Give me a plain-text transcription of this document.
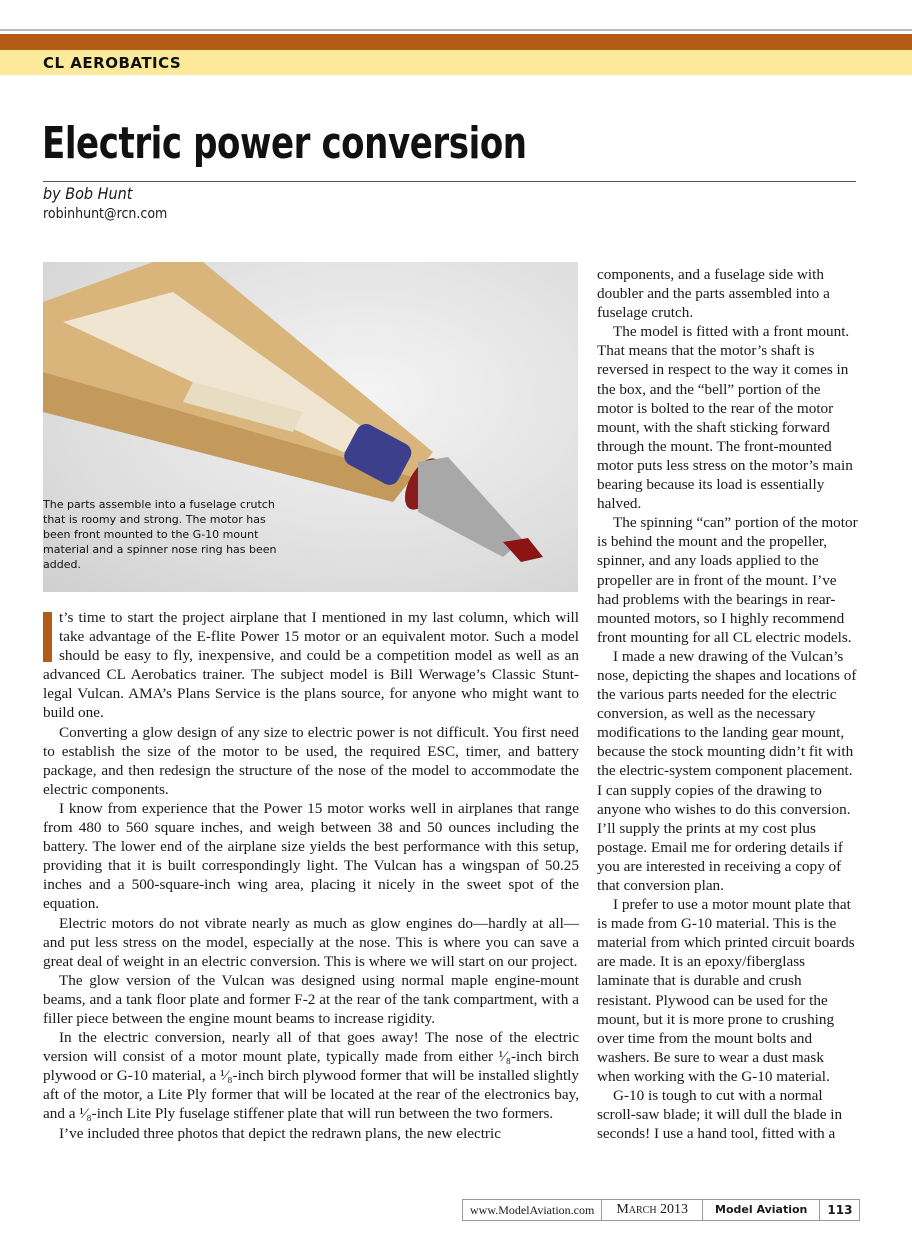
CL AEROBATICS
Electric power conversion
by Bob Hunt
robinhunt@rcn.com
The parts assemble into a fuselage crutch that is roomy and strong. The motor has been front mounted to the G-10 mount material and a spinner nose ring has been added.

t’s time to start the project airplane that I mentioned in my last column, which will take advantage of the E-flite Power 15 motor or an equivalent motor. Such a model should be easy to fly, inexpensive, and could be a competition model as well as an advanced CL Aerobatics trainer. The subject model is Bill Werwage’s Classic Stunt-legal Vulcan. AMA’s Plans Service is the plans source, for anyone who might want to build one.

Converting a glow design of any size to electric power is not difficult. You first need to establish the size of the motor to be used, the required ESC, timer, and battery package, and then redesign the structure of the nose of the model to accommodate the electric components.

I know from experience that the Power 15 motor works well in airplanes that range from 480 to 560 square inches, and weigh between 38 and 50 ounces including the battery. The lower end of the airplane size yields the best performance with this setup, providing that it is built correspondingly light. The Vulcan has a wingspan of 50.25 inches and a 500-square-inch wing area, placing it nicely in the sweet spot of the equation.

Electric motors do not vibrate nearly as much as glow engines do—hardly at all—and put less stress on the model, especially at the nose. This is where you can save a great deal of weight in an electric conversion. This is where we will start on our project.

The glow version of the Vulcan was designed using normal maple engine-mount beams, and a tank floor plate and former F-2 at the rear of the tank compartment, with a filler piece between the engine mount beams to increase rigidity.

In the electric conversion, nearly all of that goes away! The nose of the electric version will consist of a motor mount plate, typically made from either ¹⁄₈-inch birch plywood or G-10 material, a ¹⁄₈-inch birch plywood former that will be installed slightly aft of the motor, a Lite Ply former that will be located at the rear of the electronics bay, and a ¹⁄₈-inch Lite Ply fuselage stiffener plate that will run between the two formers.

I’ve included three photos that depict the redrawn plans, the new electric

components, and a fuselage side with doubler and the parts assembled into a fuselage crutch.

The model is fitted with a front mount. That means that the motor’s shaft is reversed in respect to the way it comes in the box, and the “bell” portion of the motor is bolted to the rear of the motor mount, with the shaft sticking forward through the mount. The front-mounted motor puts less stress on the motor’s main bearing because its load is essentially halved.

The spinning “can” portion of the motor is behind the mount and the propeller, spinner, and any loads applied to the propeller are in front of the mount. I’ve had problems with the bearings in rear-mounted motors, so I highly recommend front mounting for all CL electric models.

I made a new drawing of the Vulcan’s nose, depicting the shapes and locations of the various parts needed for the electric conversion, as well as the necessary modifications to the landing gear mount, because the stock mounting didn’t fit with the electric-system component placement. I can supply copies of the drawing to anyone who wishes to do this conversion. I’ll supply the prints at my cost plus postage. Email me for ordering details if you are interested in receiving a copy of that conversion plan.

I prefer to use a motor mount plate that is made from G-10 material. This is the material from which printed circuit boards are made. It is an epoxy/fiberglass laminate that is durable and crush resistant. Plywood can be used for the mount, but it is more prone to crushing over time from the mount bolts and washers. Be sure to wear a dust mask when working with the G-10 material.

G-10 is tough to cut with a normal scroll-saw blade; it will dull the blade in seconds! I use a hand tool, fitted with a

www.ModelAviation.com	March 2013	Model Aviation	113
